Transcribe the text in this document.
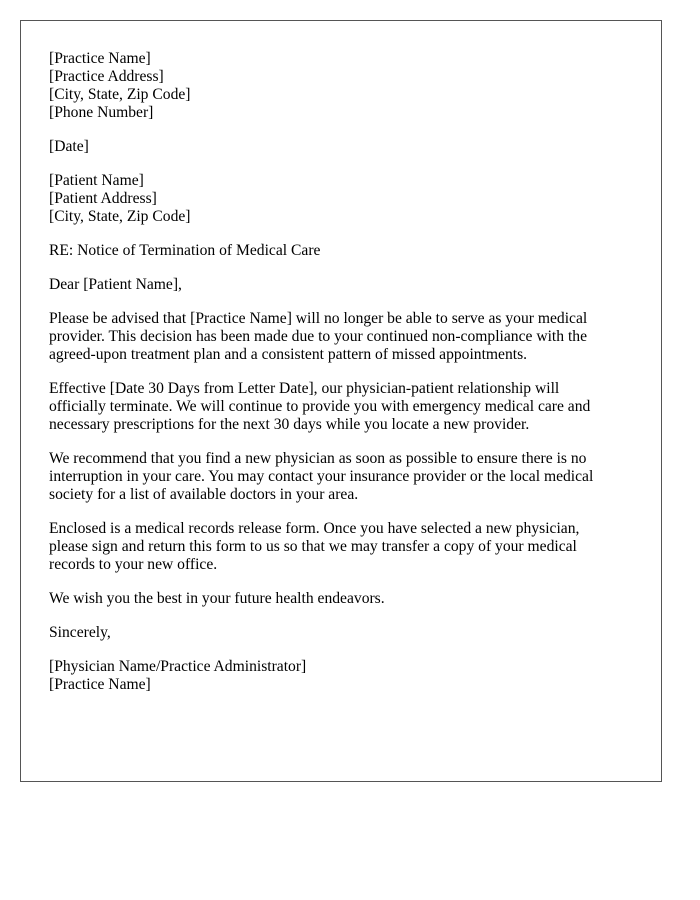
[Practice Name]
[Practice Address]
[City, State, Zip Code]
[Phone Number]
[Date]
[Patient Name]
[Patient Address]
[City, State, Zip Code]
RE: Notice of Termination of Medical Care
Dear [Patient Name],
Please be advised that [Practice Name] will no longer be able to serve as your medical
provider. This decision has been made due to your continued non-compliance with the
agreed-upon treatment plan and a consistent pattern of missed appointments.
Effective [Date 30 Days from Letter Date], our physician-patient relationship will
officially terminate. We will continue to provide you with emergency medical care and
necessary prescriptions for the next 30 days while you locate a new provider.
We recommend that you find a new physician as soon as possible to ensure there is no
interruption in your care. You may contact your insurance provider or the local medical
society for a list of available doctors in your area.
Enclosed is a medical records release form. Once you have selected a new physician,
please sign and return this form to us so that we may transfer a copy of your medical
records to your new office.
We wish you the best in your future health endeavors.
Sincerely,
[Physician Name/Practice Administrator]
[Practice Name]
